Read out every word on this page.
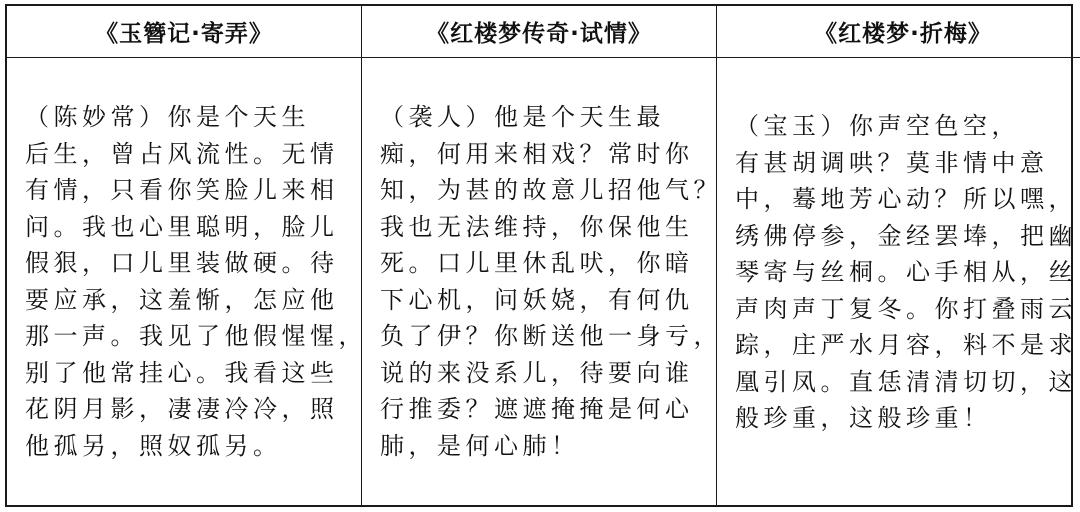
《玉簪记·寄弄》	《红楼梦传奇·试情》	《红楼梦·折梅》
（陈妙常）你是个天生
后生，曾占风流性。无情
有情，只看你笑脸儿来相
问。我也心里聪明，脸儿
假狠，口儿里装做硬。待
要应承，这羞惭，怎应他
那一声。我见了他假惺惺，
别了他常挂心。我看这些
花阴月影，凄凄冷冷，照
他孤另，照奴孤另。
（袭人）他是个天生最
痴，何用来相戏？常时你
知，为甚的故意儿招他气？
我也无法维持，你保他生
死。口儿里休乱吠，你暗
下心机，问妖娆，有何仇
负了伊？你断送他一身亏，
说的来没系儿，待要向谁
行推委？遮遮掩掩是何心
肺，是何心肺！
（宝玉）你声空色空，
有甚胡调哄？莫非情中意
中，蓦地芳心动？所以嘿，
绣佛停参，金经罢埲，把幽
琴寄与丝桐。心手相从，丝
声肉声丁复冬。你打叠雨云
踪，庄严水月容，料不是求
凰引凤。直恁清清切切，这
般珍重，这般珍重！
